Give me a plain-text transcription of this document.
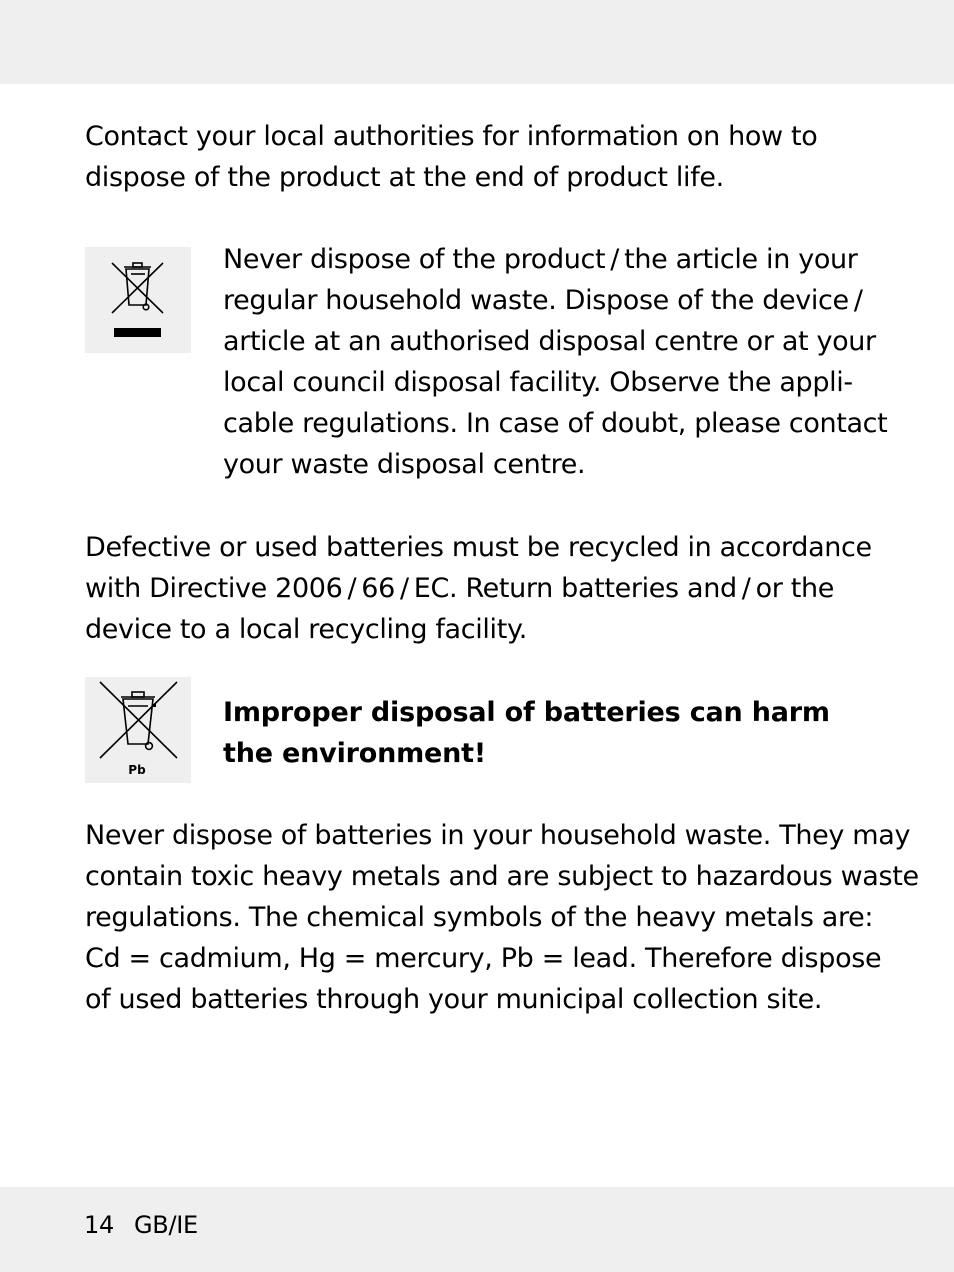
Contact your local authorities for information on how to
dispose of the product at the end of product life.

Never dispose of the product / the article in your
regular household waste. Dispose of the device /
article at an authorised disposal centre or at your
local council disposal facility. Observe the appli-
cable regulations. In case of doubt, please contact
your waste disposal centre.

Defective or used batteries must be recycled in accordance
with Directive 2006 / 66 / EC. Return batteries and / or the
device to a local recycling facility.

Pb

Improper disposal of batteries can harm
the environment!

Never dispose of batteries in your household waste. They may
contain toxic heavy metals and are subject to hazardous waste
regulations. The chemical symbols of the heavy metals are:
Cd = cadmium, Hg = mercury, Pb = lead. Therefore dispose
of used batteries through your municipal collection site.

14 GB/IE
